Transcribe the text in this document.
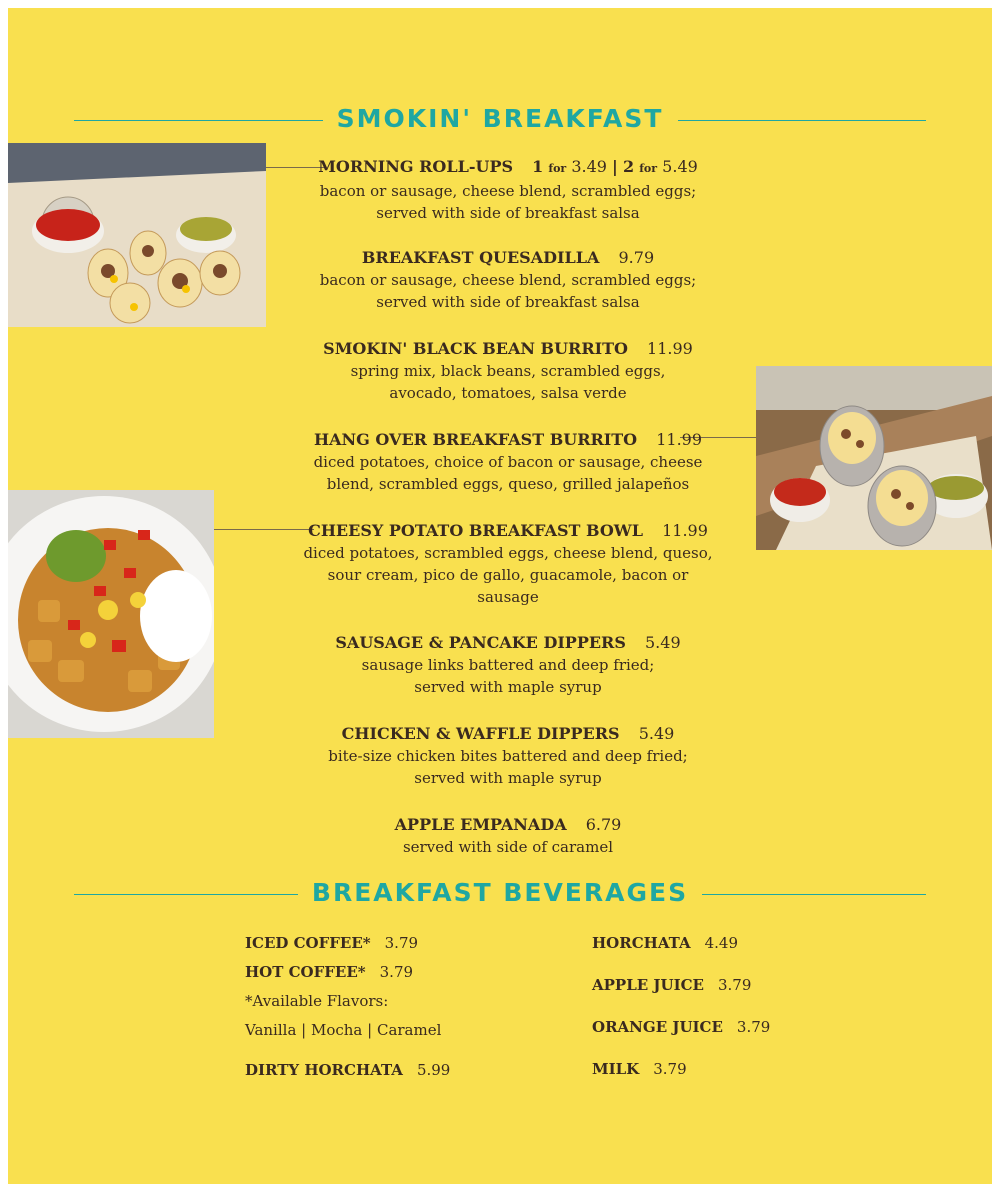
SMOKIN' BREAKFAST
MORNING ROLL-UPS 1 for 3.49 | 2 for 5.49
bacon or sausage, cheese blend, scrambled eggs;
served with side of breakfast salsa
BREAKFAST QUESADILLA 9.79
bacon or sausage, cheese blend, scrambled eggs;
served with side of breakfast salsa
SMOKIN' BLACK BEAN BURRITO 11.99
spring mix, black beans, scrambled eggs,
avocado, tomatoes, salsa verde
HANG OVER BREAKFAST BURRITO 11.99
diced potatoes, choice of bacon or sausage, cheese
blend, scrambled eggs, queso, grilled jalapeños
CHEESY POTATO BREAKFAST BOWL 11.99
diced potatoes, scrambled eggs, cheese blend, queso,
sour cream, pico de gallo, guacamole, bacon or
sausage
SAUSAGE & PANCAKE DIPPERS 5.49
sausage links battered and deep fried;
served with maple syrup
CHICKEN & WAFFLE DIPPERS 5.49
bite-size chicken bites battered and deep fried;
served with maple syrup
APPLE EMPANADA 6.79
served with side of caramel
BREAKFAST BEVERAGES
ICED COFFEE* 3.79
HOT COFFEE* 3.79
*Available Flavors:
Vanilla | Mocha | Caramel
DIRTY HORCHATA 5.99
HORCHATA 4.49
APPLE JUICE 3.79
ORANGE JUICE 3.79
MILK 3.79
